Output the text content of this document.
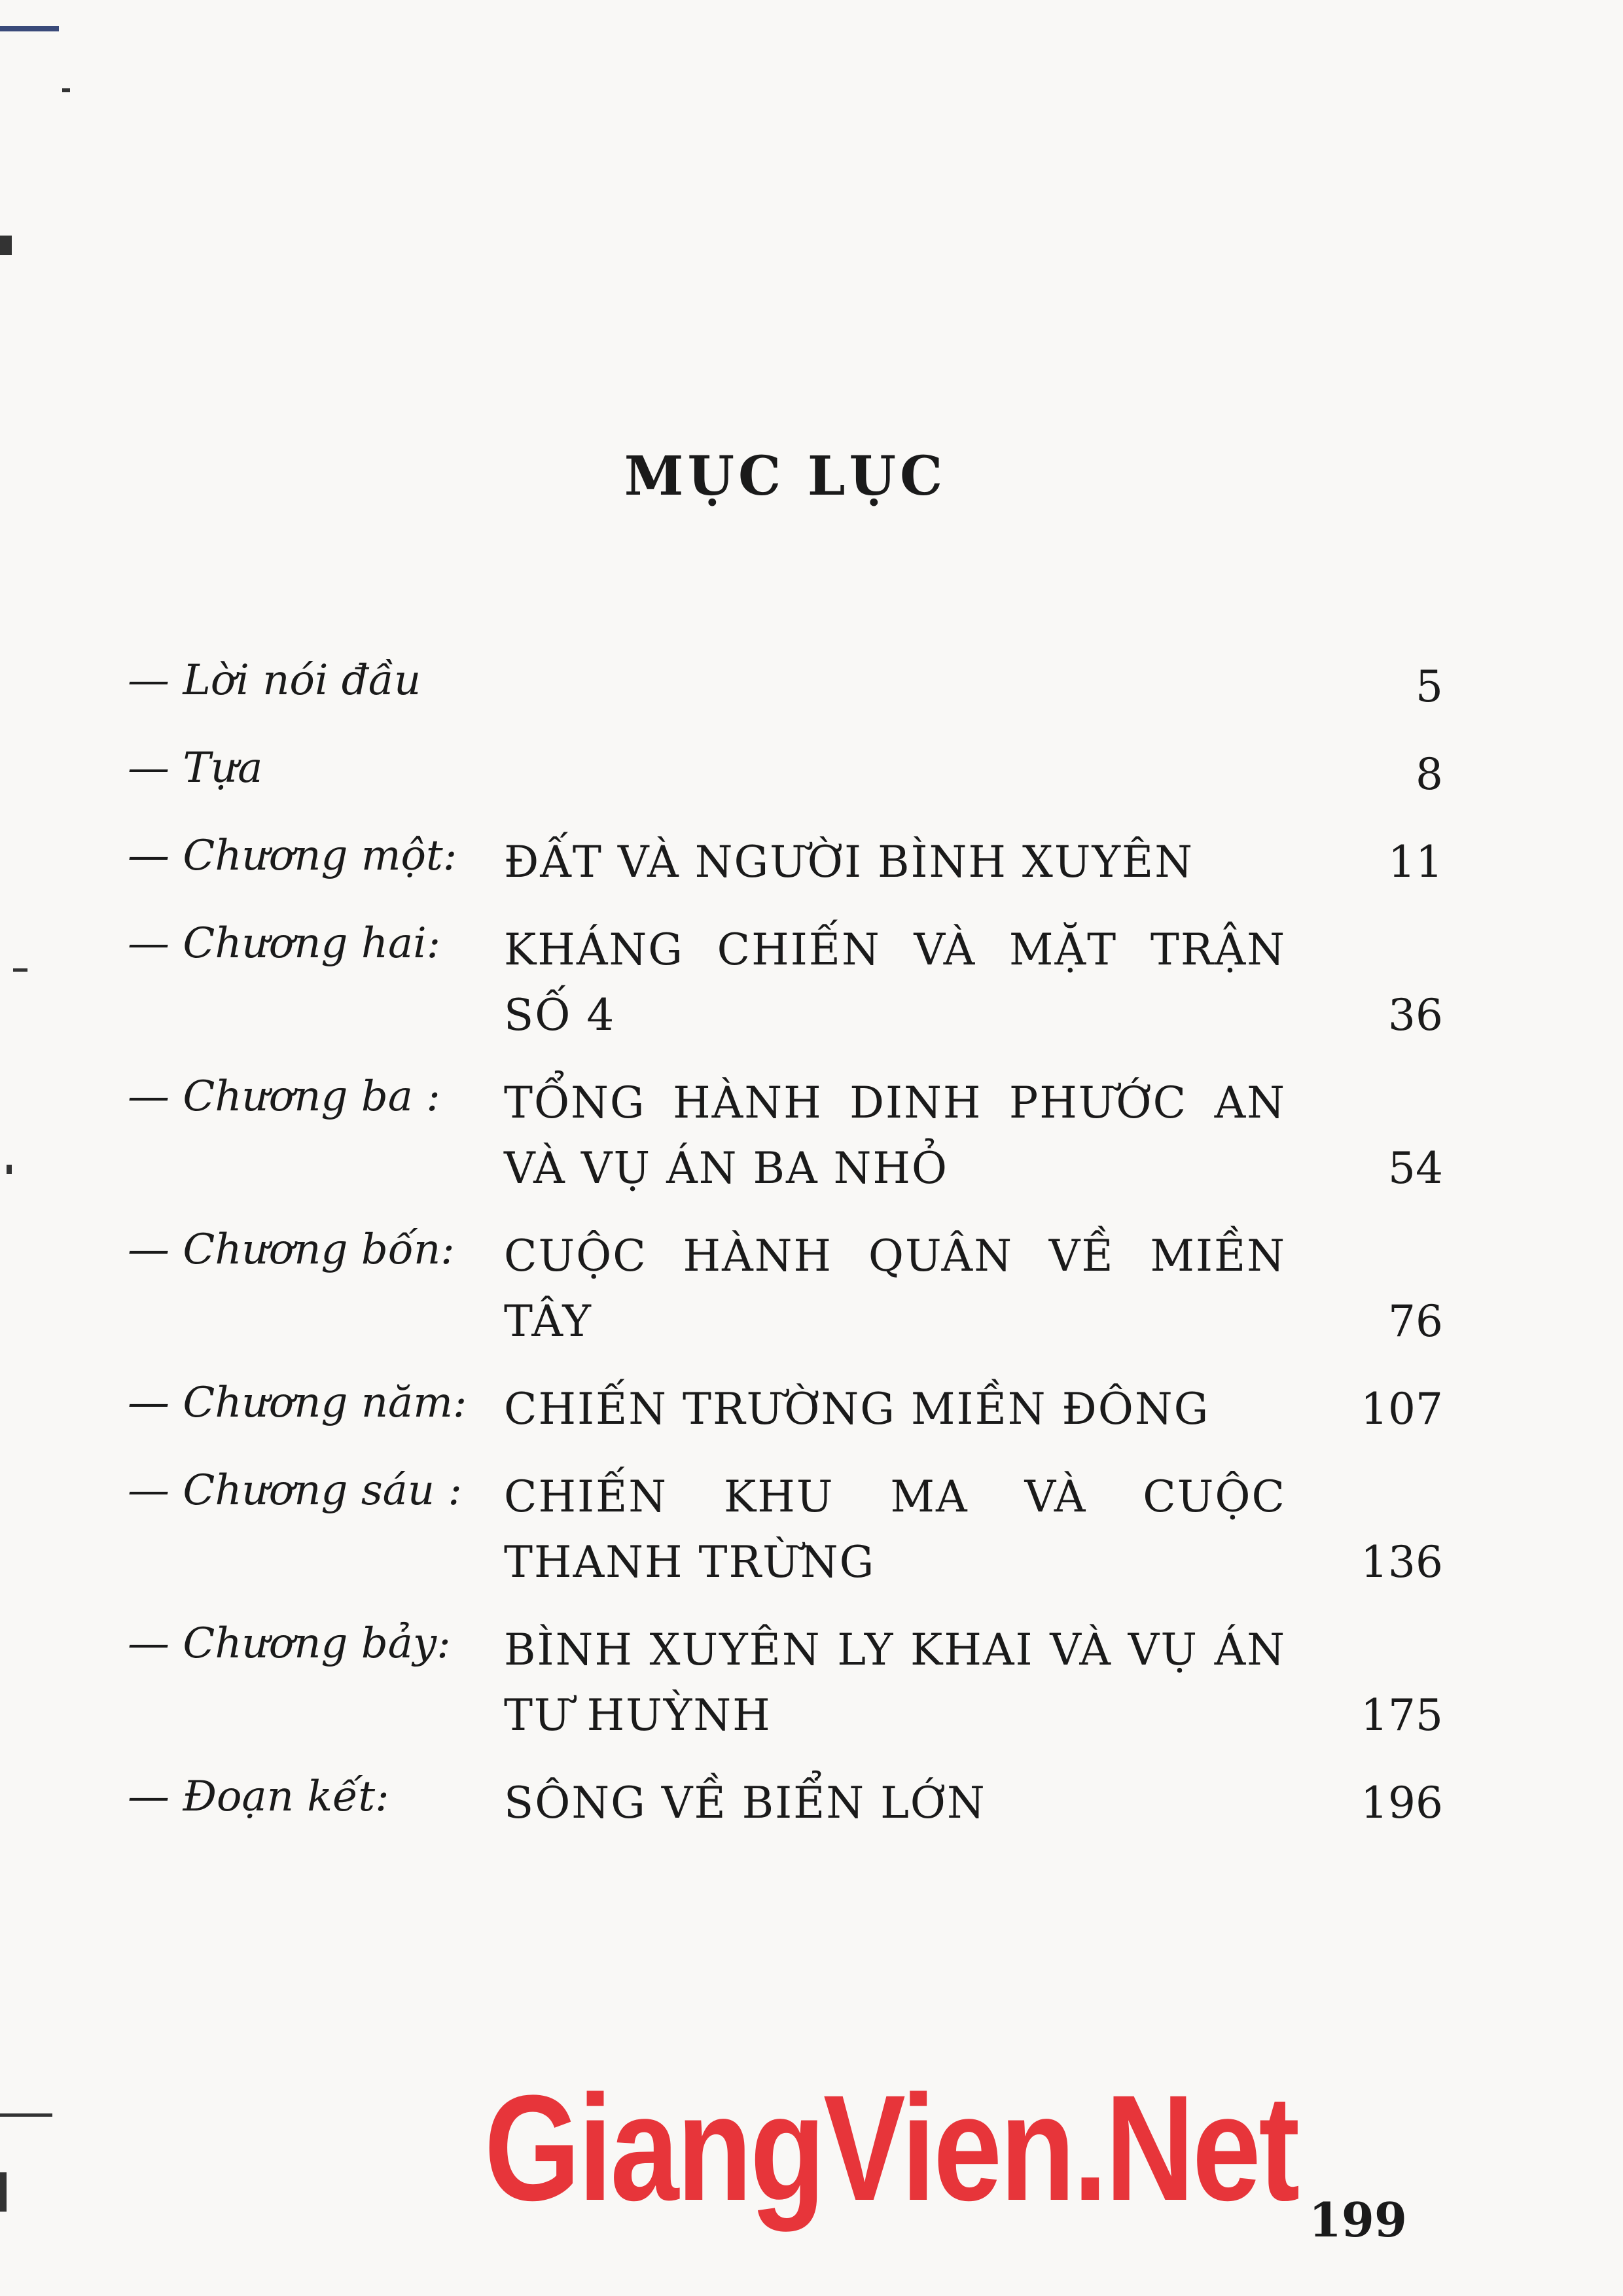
MỤC LỤC
— Lời nói đầu	5
— Tựa	8
— Chương một:	ĐẤT VÀ NGƯỜI BÌNH XUYÊN	11
— Chương hai:	KHÁNG CHIẾN VÀ MẶT TRẬN SỐ 4	36
— Chương ba :	TỔNG HÀNH DINH PHƯỚC AN VÀ VỤ ÁN BA NHỎ	54
— Chương bốn:	CUỘC HÀNH QUÂN VỀ MIỀN TÂY	76
— Chương năm: CHIẾN TRƯỜNG MIỀN ĐÔNG	107
— Chương sáu : CHIẾN KHU MA VÀ CUỘC THANH TRỪNG	136
— Chương bảy:	BÌNH XUYÊN LY KHAI VÀ VỤ ÁN TƯ HUỲNH	175
— Đoạn kết:	SÔNG VỀ BIỂN LỚN	196
GiangVien.Net 199
